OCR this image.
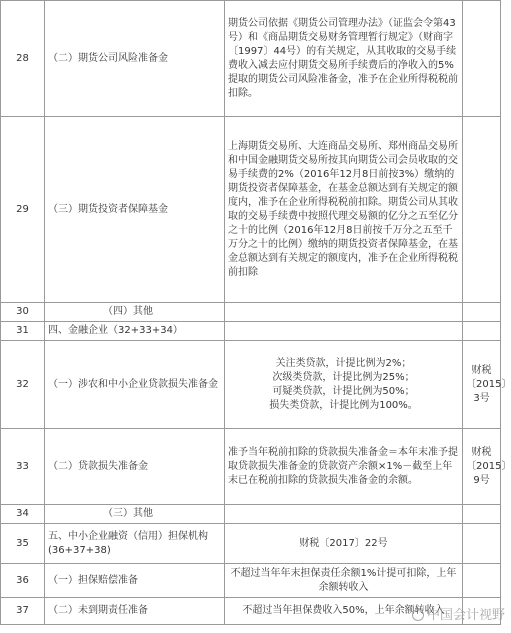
28	（二）期货公司风险准备金	期货公司依据《期货公司管理办法》（证监会令第43号）和《商品期货交易财务管理暂行规定》（财商字〔1997〕44号）的有关规定，从其收取的交易手续费收入减去应付期货交易所手续费后的净收入的5%提取的期货公司风险准备金，准予在企业所得税税前扣除。	
29	（三）期货投资者保障基金	上海期货交易所、大连商品交易所、郑州商品交易所和中国金融期货交易所按其向期货公司会员收取的交易手续费的2%（2016年12月8日前按3%）缴纳的期货投资者保障基金，在基金总额达到有关规定的额度内，准予在企业所得税税前扣除。期货公司从其收取的交易手续费中按照代理交易额的亿分之五至亿分之十的比例（2016年12月8日前按千万分之五至千万分之十的比例）缴纳的期货投资者保障基金，在基金总额达到有关规定的额度内，准予在企业所得税税前扣除	
30	（四）其他		
31	四、金融企业（32+33+34）		
32	（一）涉农和中小企业贷款损失准备金	关注类贷款，计提比例为2%；
次级类贷款，计提比例为25%；
可疑类贷款，计提比例为50%；
损失类贷款，计提比例为100%。	财税〔2015〕3号
33	（二）贷款损失准备金	准予当年税前扣除的贷款损失准备金＝本年末准予提取贷款损失准备金的贷款资产余额×1%－截至上年末已在税前扣除的贷款损失准备金的余额。	财税〔2015〕9号
34	（三）其他		
35	五、中小企业融资（信用）担保机构(36+37+38)	财税〔2017〕22号	
36	（一）担保赔偿准备	不超过当年年末担保责任余额1%计提可扣除，上年余额转收入	
37	（二）未到期责任准备	不超过当年担保费收入50%，上年余额转收入	
中国会计视野
